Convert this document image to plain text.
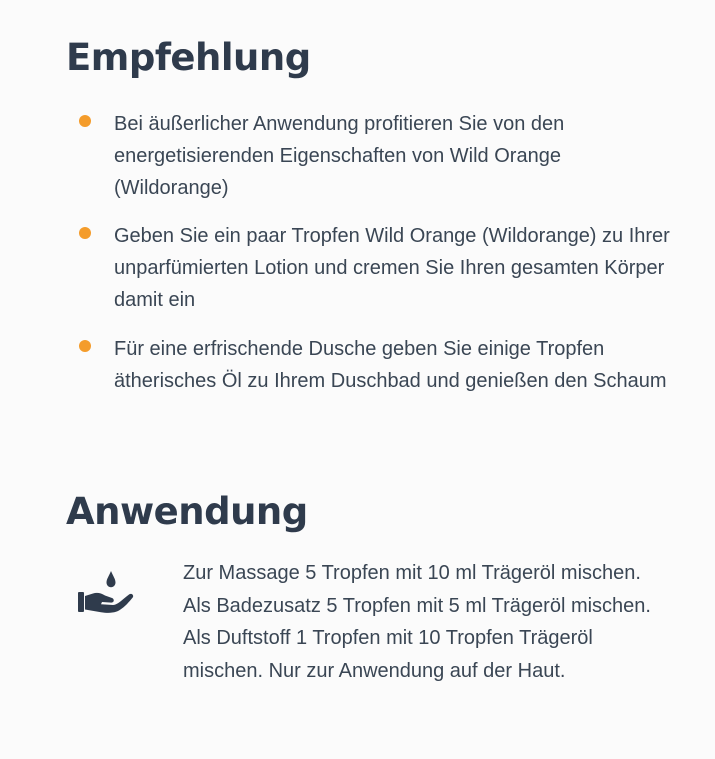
Empfehlung
Bei äußerlicher Anwendung profitieren Sie von den energetisierenden Eigenschaften von Wild Orange (Wildorange)
Geben Sie ein paar Tropfen Wild Orange (Wildorange) zu Ihrer unparfümierten Lotion und cremen Sie Ihren gesamten Körper damit ein
Für eine erfrischende Dusche geben Sie einige Tropfen ätherisches Öl zu Ihrem Duschbad und genießen den Schaum
Anwendung

Zur Massage 5 Tropfen mit 10 ml Trägeröl mischen. Als Badezusatz 5 Tropfen mit 5 ml Trägeröl mischen. Als Duftstoff 1 Tropfen mit 10 Tropfen Trägeröl mischen. Nur zur Anwendung auf der Haut.
